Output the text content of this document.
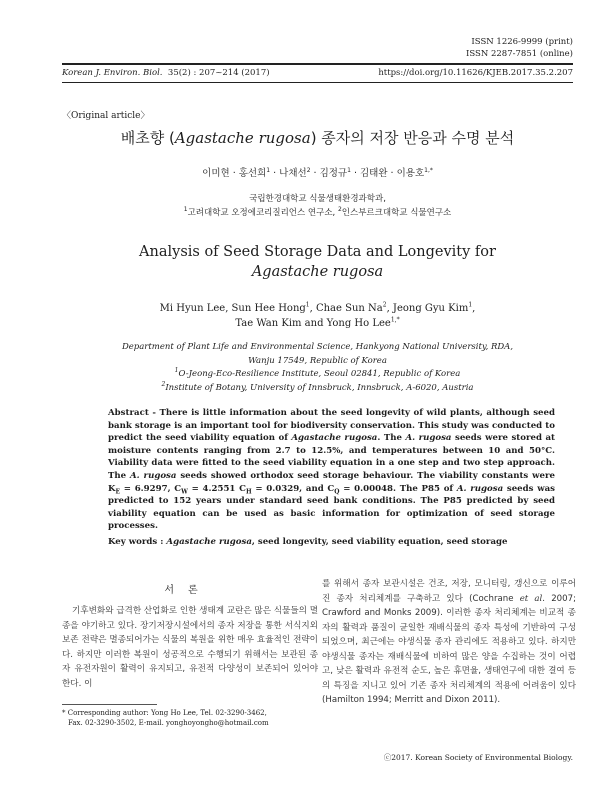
ISSN 1226-9999 (print)
ISSN 2287-7851 (online)
Korean J. Environ. Biol. 35(2) : 207~214 (2017)	https://doi.org/10.11626/KJEB.2017.35.2.207
〈Original article〉
배초향 (Agastache rugosa) 종자의 저장 반응과 수명 분석
이미현 · 홍선희$^1$ · 나채선$^2$ · 김정규$^1$ · 김태완 · 이용호$^{1,*}$
국립한경대학교 식물생태환경과학과,
$^1$고려대학교 오정에코리질리언스 연구소, $^2$인스부르크대학교 식물연구소
Analysis of Seed Storage Data and Longevity for
Agastache rugosa
Mi Hyun Lee, Sun Hee Hong$^1$, Chae Sun Na$^2$, Jeong Gyu Kim$^1$,
Tae Wan Kim and Yong Ho Lee$^{1,*}$
Department of Plant Life and Environmental Science, Hankyong National University, RDA,
Wanju 17549, Republic of Korea
$^1$O-Jeong-Eco-Resilience Institute, Seoul 02841, Republic of Korea
$^2$Institute of Botany, University of Innsbruck, Innsbruck, A-6020, Austria
Abstract - There is little information about the seed longevity of wild plants, although seed bank storage is an important tool for biodiversity conservation. This study was conducted to predict the seed viability equation of Agastache rugosa. The A. rugosa seeds were stored at moisture contents ranging from 2.7 to 12.5%, and temperatures between 10 and 50°C. Viability data were fitted to the seed viability equation in a one step and two step approach. The A. rugosa seeds showed orthodox seed storage behaviour. The viability constants were $K_E = 6.9297$, $C_W = 4.2551$ $C_H = 0.0329$, and $C_Q = 0.00048$. The P85 of A. rugosa seeds was predicted to 152 years under standard seed bank conditions. The P85 predicted by seed viability equation can be used as basic information for optimization of seed storage processes.
Key words : Agastache rugosa, seed longevity, seed viability equation, seed storage
서론
기후변화와 급격한 산업화로 인한 생태계 교란은 많은 식물들의 멸종을 야기하고 있다. 장기저장시설에서의 종자 저장을 통한 서식지외 보존 전략은 멸종되어가는 식물의 복원을 위한 매우 효율적인 전략이다. 하지만 이러한 복원이 성공적으로 수행되기 위해서는 보관된 종자 유전자원이 활력이 유지되고, 유전적 다양성이 보존되어 있어야 한다. 이
를 위해서 종자 보관시설은 건조, 저장, 모니터링, 갱신으로 이루어진 종자 처리체계를 구축하고 있다 (Cochrane et al. 2007; Crawford and Monks 2009). 이러한 종자 처리체계는 비교적 종자의 활력과 품질이 균일한 재배식물의 종자 특성에 기반하여 구성되었으며, 최근에는 야생식물 종자 관리에도 적용하고 있다. 하지만 야생식물 종자는 재배식물에 비하여 많은 양을 수집하는 것이 어렵고, 낮은 활력과 유전적 순도, 높은 휴면율, 생태연구에 대한 결여 등의 특징을 지니고 있어 기존 종자 처리체계의 적용에 어려움이 있다 (Hamilton 1994; Merritt and Dixon 2011).
* Corresponding author: Yong Ho Lee, Tel. 02-3290-3462,
Fax. 02-3290-3502, E-mail. yonghoyongho@hotmail.com
ⓒ2017. Korean Society of Environmental Biology.
